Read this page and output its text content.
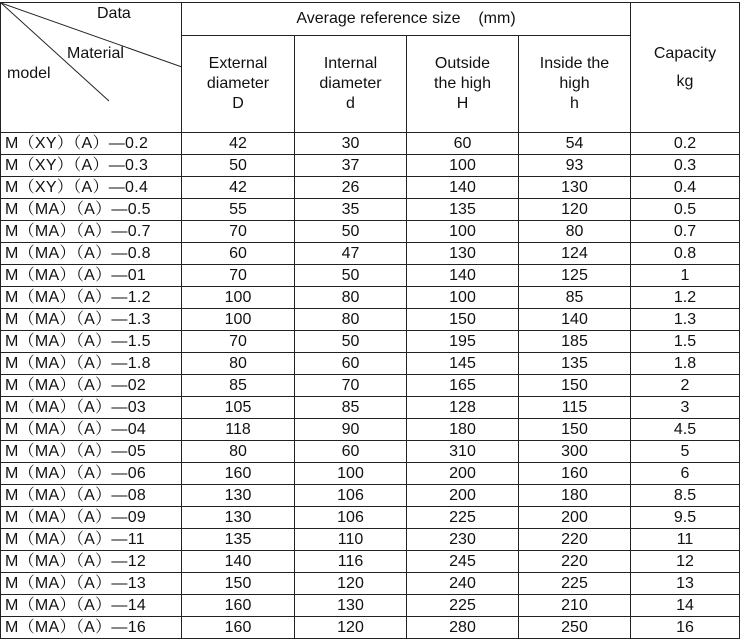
Data
Material
model	Average reference size    (mm)				Capacity
kg

	External
diameter
D	Internal
diameter
d	Outside
the high
H	Inside the
high
h	

M（XY）（A）—0.2	42	30	60	54	0.2
M（XY）（A）—0.3	50	37	100	93	0.3
M（XY）（A）—0.4	42	26	140	130	0.4
M（MA）（A）—0.5	55	35	135	120	0.5
M（MA）（A）—0.7	70	50	100	80	0.7
M（MA）（A）—0.8	60	47	130	124	0.8
M（MA）（A）—01	70	50	140	125	1
M（MA）（A）—1.2	100	80	100	85	1.2
M（MA）（A）—1.3	100	80	150	140	1.3
M（MA）（A）—1.5	70	50	195	185	1.5
M（MA）（A）—1.8	80	60	145	135	1.8
M（MA）（A）—02	85	70	165	150	2
M（MA）（A）—03	105	85	128	115	3
M（MA）（A）—04	118	90	180	150	4.5
M（MA）（A）—05	80	60	310	300	5
M（MA）（A）—06	160	100	200	160	6
M（MA）（A）—08	130	106	200	180	8.5
M（MA）（A）—09	130	106	225	200	9.5
M（MA）（A）—11	135	110	230	220	11
M（MA）（A）—12	140	116	245	220	12
M（MA）（A）—13	150	120	240	225	13
M（MA）（A）—14	160	130	225	210	14
M（MA）（A）—16	160	120	280	250	16
